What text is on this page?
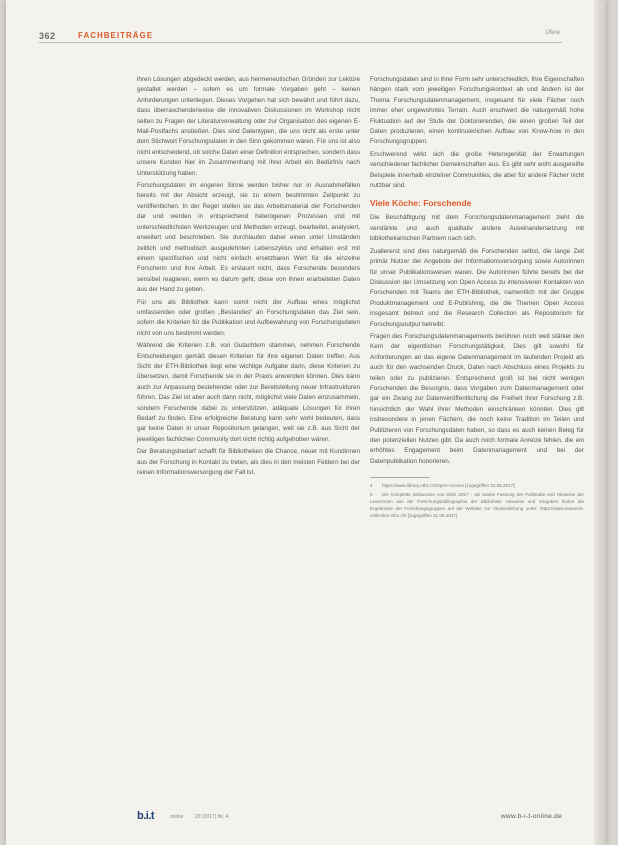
362	FACHBEITRÄGE	Ufere

ihren Lösungen abgedeckt werden, aus hermeneutischen Gründen zur Lektüre gestaltet werden – sofern es um formale Vorgaben geht – keinen Anforderungen unterliegen. Dieses Vorgehen hat sich bewährt und führt dazu, dass überraschenderweise die innovativen Diskussionen im Workshop nicht selten zu Fragen der Literaturverwaltung oder zur Organisation des eigenen E-Mail-Postfachs anstießen. Dies sind Datentypen, die uns nicht als erste unter dem Stichwort Forschungsdaten in den Sinn gekommen wären. Für uns ist also nicht entscheidend, ob solche Daten einer Definition entsprechen, sondern dass unsere Kunden hier im Zusammenhang mit ihrer Arbeit ein Bedürfnis nach Unterstützung haben.

Forschungsdaten im engeren Sinne werden bisher nur in Ausnahmefällen bereits mit der Absicht erzeugt, sie zu einem bestimmten Zeitpunkt zu veröffentlichen. In der Regel stellen sie das Arbeitsmaterial der Forschenden dar und werden in entsprechend heterogenen Prozessen und mit unterschiedlichsten Werkzeugen und Methoden erzeugt, bearbeitet, analysiert, erweitert und beschrieben. Sie durchlaufen daher einen unter Umständen zeitlich und methodisch ausgedehnten Lebenszyklus und erhalten erst mit einem spezifischen und nicht einfach ersetzbaren Wert für die einzelne Forscherin und ihre Arbeit. Es erstaunt nicht, dass Forschende besonders sensibel reagieren, wenn es darum geht, diese von ihnen erarbeiteten Daten aus der Hand zu geben.

Für uns als Bibliothek kann somit nicht der Aufbau eines möglichst umfassenden oder großen „Bestandes“ an Forschungsdaten das Ziel sein, sofern die Kriterien für die Publikation und Aufbewahrung von Forschungsdaten nicht von uns bestimmt werden.

Während die Kriterien z.B. von Gutachtern stammen, nehmen Forschende Entscheidungen gemäß diesen Kriterien für ihre eigenen Daten treffen. Aus Sicht der ETH-Bibliothek liegt eine wichtige Aufgabe darin, diese Kriterien zu übersetzen, damit Forschende sie in der Praxis anwenden können. Dies kann auch zur Anpassung bestehender oder zur Bereitstellung neuer Infrastrukturen führen. Das Ziel ist aber auch dann nicht, möglichst viele Daten einzusammeln, sondern Forschende dabei zu unterstützen, adäquate Lösungen für ihren Bedarf zu finden. Eine erfolgreiche Beratung kann sehr wohl bedeuten, dass gar keine Daten in unser Repositorium gelangen, weil sie z.B. aus Sicht der jeweiligen fachlichen Community dort nicht richtig aufgehoben wären.

Der Beratungsbedarf schafft für Bibliotheken die Chance, neuer mit Kundinnen aus der Forschung in Kontakt zu treten, als dies in den meisten Feldern bei der reinen Informationsversorgung der Fall ist.

Forschungsdaten sind in ihrer Form sehr unterschiedlich. Ihre Eigenschaften hängen stark vom jeweiligen Forschungskontext ab und ändern ist der Thema Forschungsdatenmanagement, insgesamt für viele Fächer noch immer eher ungewohntes Terrain. Auch erschwert die naturgemäß hohe Fluktuation auf der Stufe der Doktorierenden, die einen großen Teil der Daten produzieren, einen kontinuierlichen Aufbau von Know-how in den Forschungsgruppen.

Erschwerend wirkt sich die große Heterogenität der Erwartungen verschiedener fachlicher Gemeinschaften aus. Es gibt sehr wohl ausgereifte Beispiele innerhalb einzelner Communities, die aber für andere Fächer nicht nutzbar sind.

Viele Köche: Forschende

Die Beschäftigung mit dem Forschungsdatenmanagement zieht die verstärkte und auch qualitativ andere Auseinandersetzung mit bibliothekarischen Partnern nach sich.

Zuallererst sind dies naturgemäß die Forschenden selbst, die lange Zeit primär Nutzer der Angebote der Informationsversorgung sowie Autorinnen für unser Publikationswesen waren. Die Autorinnen führte bereits bei der Diskussion der Umsetzung von Open Access zu intensiveren Kontakten von Forschenden mit Teams der ETH-Bibliothek, namentlich mit der Gruppe Produktmanagement und E-Publishing, die die Themen Open Access insgesamt betreut und die Research Collection als Repositorium für Forschungsoutput betreibt.

Fragen des Forschungsdatenmanagements berühren noch weit stärker den Kern der eigentlichen Forschungstätigkeit. Dies gilt sowohl für Anforderungen an das eigene Datenmanagement im laufenden Projekt als auch für den wachsenden Druck, Daten nach Abschluss eines Projekts zu teilen oder zu publizieren. Entsprechend groß ist bei nicht wenigen Forschenden die Besorgnis, dass Vorgaben zum Datenmanagement oder gar ein Zwang zur Datenveröffentlichung die Freiheit ihrer Forschung z.B. hinsichtlich der Wahl ihrer Methoden einschränken könnten. Dies gilt insbesondere in jenen Fächern, die noch keine Tradition im Teilen und Publizieren von Forschungsdaten haben, so dass es auch keinen Beleg für den potenziellen Nutzen gibt. Da auch noch formale Anreize fehlen, die ein erhöhtes Engagement beim Datenmanagement und bei der Datenpublikation honorieren.

4 https://www.library.ethz.ch/Open-Access [zugegriffen 31.05.2017]

5 Die komplette Diskussion von Kleis 2017 - als zweite Fassung der Fallstudie und Hinweise der Leserinnen aus der Forschungsbibliographie der Bibliothek; Hinweise und Vorgaben finden die Ergebnisse der Forschungsgruppen auf der Website zur Verdeutlichung unter: https://www.research-collection.ethz.ch/ [zugegriffen 31.05.2017]

b.i.t	online 20 (2017) Nr. 4	www.b-i-t-online.de
